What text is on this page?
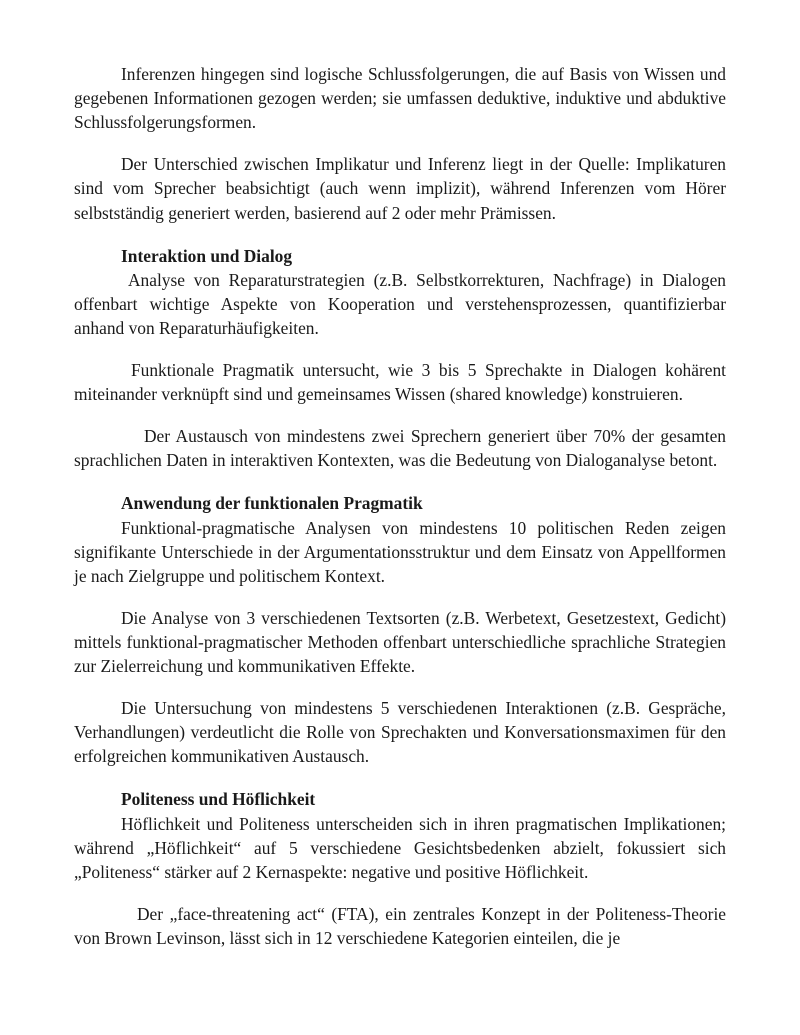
Inferenzen hingegen sind logische Schlussfolgerungen, die auf Basis von Wissen und gegebenen Informationen gezogen werden; sie umfassen deduktive, induktive und abduktive Schlussfolgerungsformen.

Der Unterschied zwischen Implikatur und Inferenz liegt in der Quelle: Implikaturen sind vom Sprecher beabsichtigt (auch wenn implizit), während Inferenzen vom Hörer selbstständig generiert werden, basierend auf 2 oder mehr Prämissen.

Interaktion und Dialog

Analyse von Reparaturstrategien (z.B. Selbstkorrekturen, Nachfrage) in Dialogen offenbart wichtige Aspekte von Kooperation und verstehensprozessen, quantifizierbar anhand von Reparaturhäufigkeiten.

Funktionale Pragmatik untersucht, wie 3 bis 5 Sprechakte in Dialogen kohärent miteinander verknüpft sind und gemeinsames Wissen (shared knowledge) konstruieren.

Der Austausch von mindestens zwei Sprechern generiert über 70% der gesamten sprachlichen Daten in interaktiven Kontexten, was die Bedeutung von Dialoganalyse betont.

Anwendung der funktionalen Pragmatik

Funktional-pragmatische Analysen von mindestens 10 politischen Reden zeigen signifikante Unterschiede in der Argumentationsstruktur und dem Einsatz von Appellformen je nach Zielgruppe und politischem Kontext.

Die Analyse von 3 verschiedenen Textsorten (z.B. Werbetext, Gesetzestext, Gedicht) mittels funktional-pragmatischer Methoden offenbart unterschiedliche sprachliche Strategien zur Zielerreichung und kommunikativen Effekte.

Die Untersuchung von mindestens 5 verschiedenen Interaktionen (z.B. Gespräche, Verhandlungen) verdeutlicht die Rolle von Sprechakten und Konversationsmaximen für den erfolgreichen kommunikativen Austausch.

Politeness und Höflichkeit

Höflichkeit und Politeness unterscheiden sich in ihren pragmatischen Implikationen; während „Höflichkeit“ auf 5 verschiedene Gesichtsbedenken abzielt, fokussiert sich „Politeness“ stärker auf 2 Kernaspekte: negative und positive Höflichkeit.

Der „face-threatening act“ (FTA), ein zentrales Konzept in der Politeness-Theorie von Brown Levinson, lässt sich in 12 verschiedene Kategorien einteilen, die je
